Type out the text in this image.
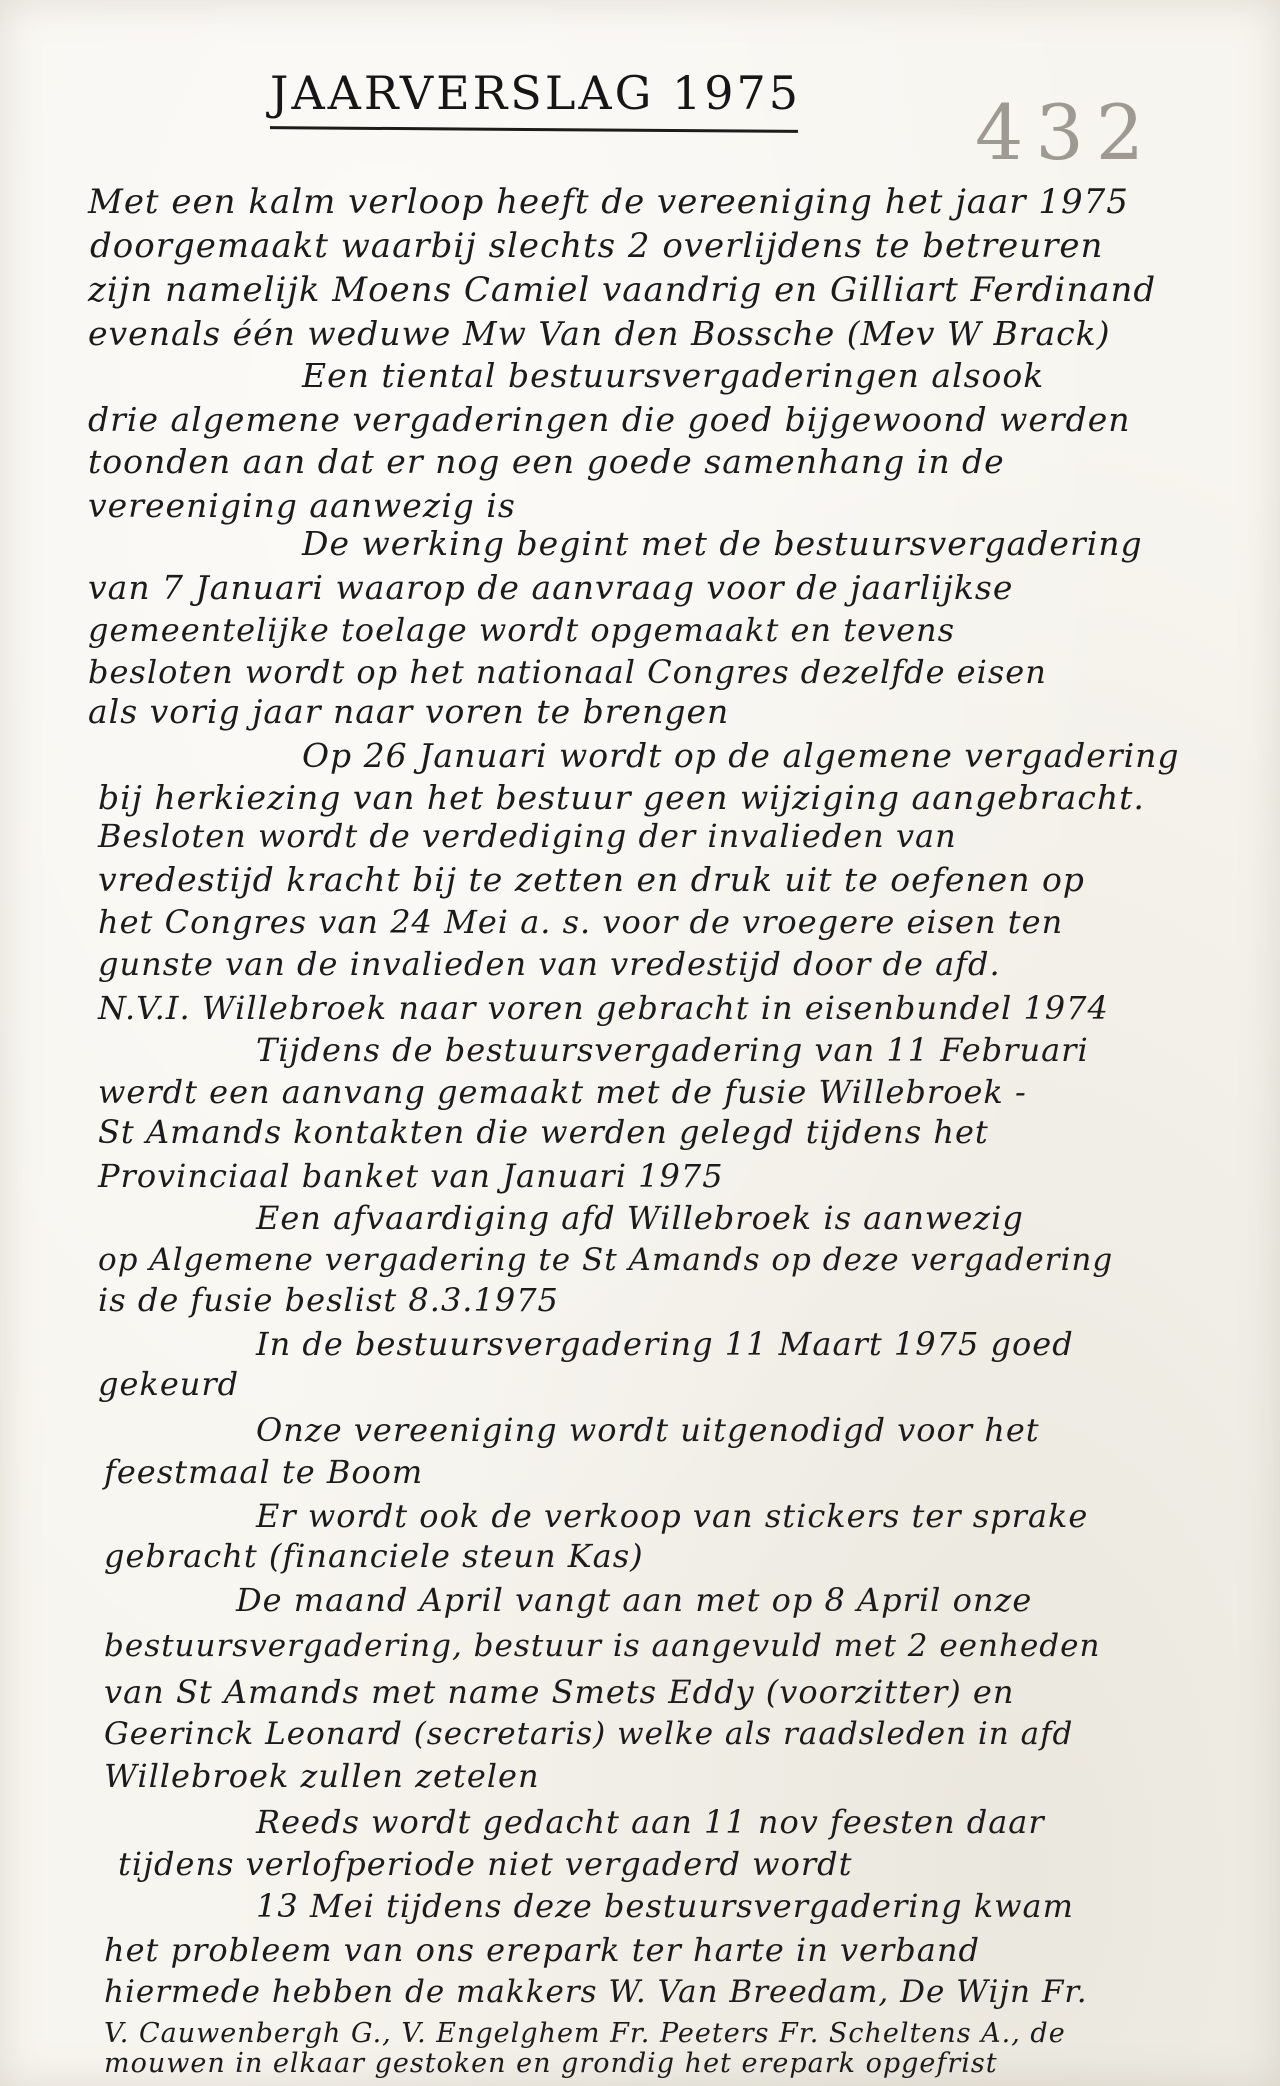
JAARVERSLAG 1975 432
Met een kalm verloop heeft de vereeniging het jaar 1975
doorgemaakt waarbij slechts 2 overlijdens te betreuren
zijn namelijk Moens Camiel vaandrig en Gilliart Ferdinand
evenals één weduwe Mw Van den Bossche (Mev W Brack)
Een tiental bestuursvergaderingen alsook
drie algemene vergaderingen die goed bijgewoond werden
toonden aan dat er nog een goede samenhang in de
vereeniging aanwezig is
De werking begint met de bestuursvergadering
van 7 Januari waarop de aanvraag voor de jaarlijkse
gemeentelijke toelage wordt opgemaakt en tevens
besloten wordt op het nationaal Congres dezelfde eisen
als vorig jaar naar voren te brengen
Op 26 Januari wordt op de algemene vergadering
bij herkiezing van het bestuur geen wijziging aangebracht.
Besloten wordt de verdediging der invalieden van
vredestijd kracht bij te zetten en druk uit te oefenen op
het Congres van 24 Mei a. s. voor de vroegere eisen ten
gunste van de invalieden van vredestijd door de afd.
N.V.I. Willebroek naar voren gebracht in eisenbundel 1974
Tijdens de bestuursvergadering van 11 Februari
werdt een aanvang gemaakt met de fusie Willebroek -
St Amands kontakten die werden gelegd tijdens het
Provinciaal banket van Januari 1975
Een afvaardiging afd Willebroek is aanwezig
op Algemene vergadering te St Amands op deze vergadering
is de fusie beslist 8.3.1975
In de bestuursvergadering 11 Maart 1975 goed
gekeurd
Onze vereeniging wordt uitgenodigd voor het
feestmaal te Boom
Er wordt ook de verkoop van stickers ter sprake
gebracht (financiele steun Kas)
De maand April vangt aan met op 8 April onze
bestuursvergadering, bestuur is aangevuld met 2 eenheden
van St Amands met name Smets Eddy (voorzitter) en
Geerinck Leonard (secretaris) welke als raadsleden in afd
Willebroek zullen zetelen
Reeds wordt gedacht aan 11 nov feesten daar
tijdens verlofperiode niet vergaderd wordt
13 Mei tijdens deze bestuursvergadering kwam
het probleem van ons erepark ter harte in verband
hiermede hebben de makkers W. Van Breedam, De Wijn Fr.
V. Cauwenbergh G., V. Engelghem Fr. Peeters Fr. Scheltens A., de
mouwen in elkaar gestoken en grondig het erepark opgefrist
